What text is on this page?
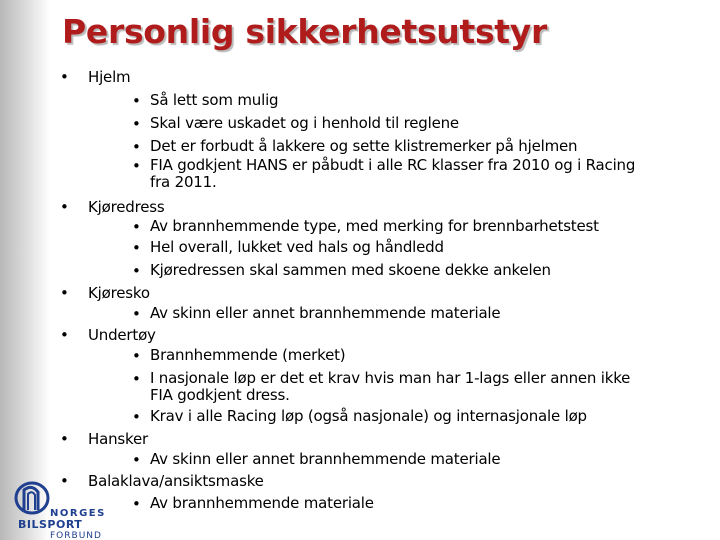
Personlig sikkerhetsutstyr
• Hjelm
• Så lett som mulig
• Skal være uskadet og i henhold til reglene
• Det er forbudt å lakkere og sette klistremerker på hjelmen
• FIA godkjent HANS er påbudt i alle RC klasser fra 2010 og i Racing fra 2011.
• Kjøredress
• Av brannhemmende type, med merking for brennbarhetstest
• Hel overall, lukket ved hals og håndledd
• Kjøredressen skal sammen med skoene dekke ankelen
• Kjøresko
• Av skinn eller annet brannhemmende materiale
• Undertøy
• Brannhemmende (merket)
• I nasjonale løp er det et krav hvis man har 1-lags eller annen ikke FIA godkjent dress.
• Krav i alle Racing løp (også nasjonale) og internasjonale løp
• Hansker
• Av skinn eller annet brannhemmende materiale
• Balaklava/ansiktsmaske
• Av brannhemmende materiale
NORGES
BILSPORT
FORBUND
